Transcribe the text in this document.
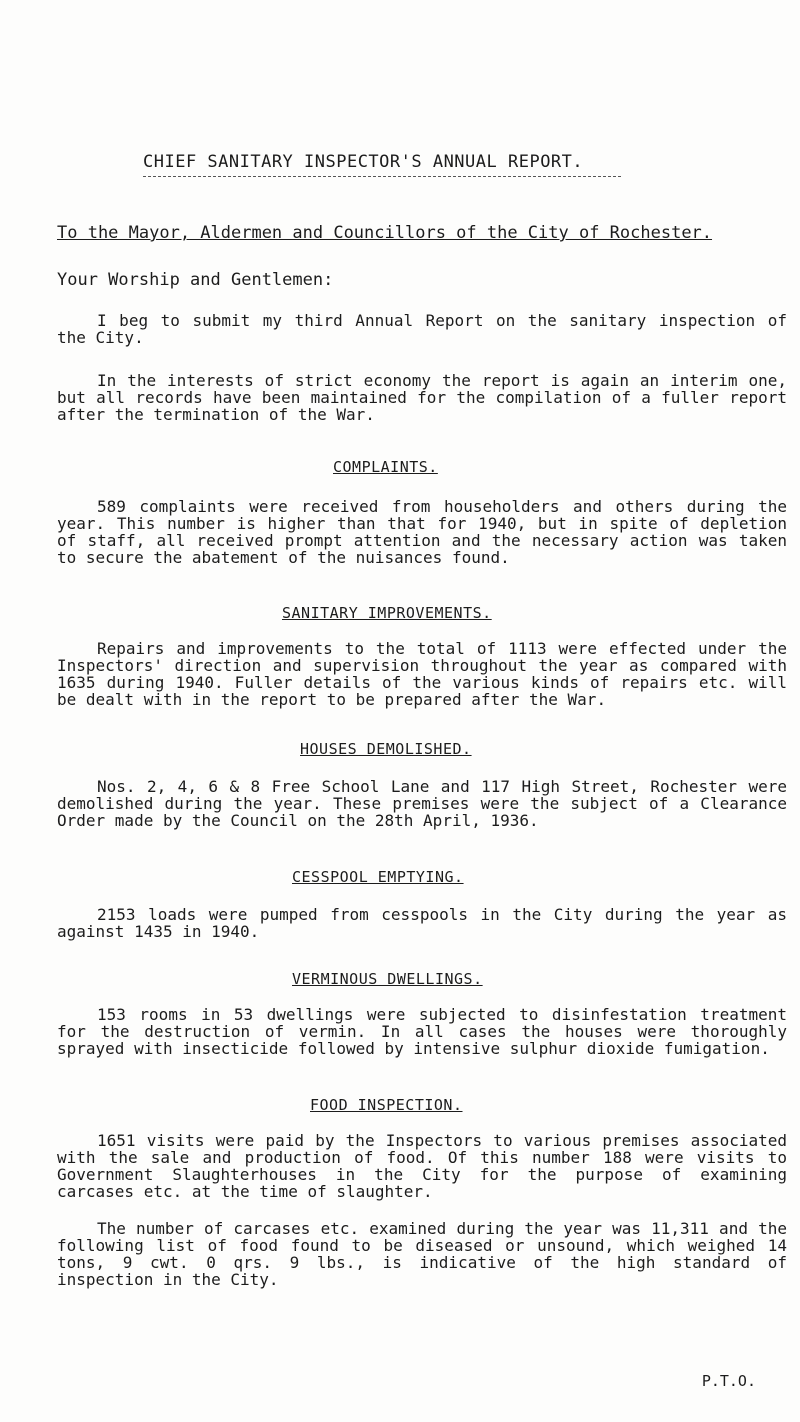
CHIEF SANITARY INSPECTOR'S ANNUAL REPORT.
To the Mayor, Aldermen and Councillors of the City of Rochester.
Your Worship and Gentlemen:

I beg to submit my third Annual Report on the sanitary inspection of the City.

In the interests of strict economy the report is again an interim one, but all records have been maintained for the compilation of a fuller report after the termination of the War.

COMPLAINTS.

589 complaints were received from householders and others during the year. This number is higher than that for 1940, but in spite of depletion of staff, all received prompt attention and the necessary action was taken to secure the abatement of the nuisances found.

SANITARY IMPROVEMENTS.

Repairs and improvements to the total of 1113 were effected under the Inspectors' direction and supervision throughout the year as compared with 1635 during 1940. Fuller details of the various kinds of repairs etc. will be dealt with in the report to be prepared after the War.

HOUSES DEMOLISHED.

Nos. 2, 4, 6 & 8 Free School Lane and 117 High Street, Rochester were demolished during the year. These premises were the subject of a Clearance Order made by the Council on the 28th April, 1936.

CESSPOOL EMPTYING.

2153 loads were pumped from cesspools in the City during the year as against 1435 in 1940.

VERMINOUS DWELLINGS.

153 rooms in 53 dwellings were subjected to disinfestation treatment for the destruction of vermin. In all cases the houses were thoroughly sprayed with insecticide followed by intensive sulphur dioxide fumigation.

FOOD INSPECTION.

1651 visits were paid by the Inspectors to various premises associated with the sale and production of food. Of this number 188 were visits to Government Slaughterhouses in the City for the purpose of examining carcases etc. at the time of slaughter.

The number of carcases etc. examined during the year was 11,311 and the following list of food found to be diseased or unsound, which weighed 14 tons, 9 cwt. 0 qrs. 9 lbs., is indicative of the high standard of inspection in the City.

P.T.O.
